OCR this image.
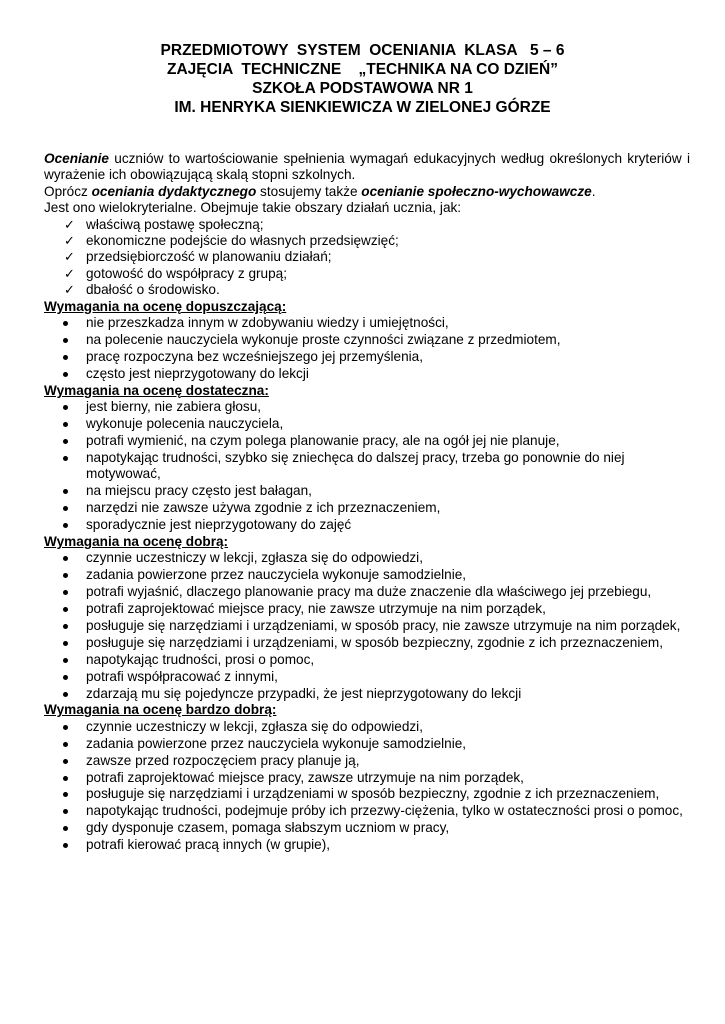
PRZEDMIOTOWY  SYSTEM  OCENIANIA  KLASA   5 – 6
ZAJĘCIA  TECHNICZNE    „TECHNIKA NA CO DZIEŃ”
SZKOŁA PODSTAWOWA NR 1
IM. HENRYKA SIENKIEWICZA W ZIELONEJ GÓRZE

Ocenianie uczniów to wartościowanie spełnienia wymagań edukacyjnych według określonych kryteriów i wyrażenie ich obowiązującą skalą stopni szkolnych.

Oprócz oceniania dydaktycznego stosujemy także ocenianie społeczno-wychowawcze.

Jest ono wielokryterialne. Obejmuje takie obszary działań ucznia, jak:

✓ właściwą postawę społeczną;
✓ ekonomiczne podejście do własnych przedsięwzięć;
✓ przedsiębiorczość w planowaniu działań;
✓ gotowość do współpracy z grupą;
✓ dbałość o środowisko.

Wymagania na ocenę dopuszczającą:

nie przeszkadza innym w zdobywaniu wiedzy i umiejętności,
na polecenie nauczyciela wykonuje proste czynności związane z przedmiotem,
pracę rozpoczyna bez wcześniejszego jej przemyślenia,
często jest nieprzygotowany do lekcji

Wymagania na ocenę dostateczna:

jest bierny, nie zabiera głosu,
wykonuje polecenia nauczyciela,
potrafi wymienić, na czym polega planowanie pracy, ale na ogół jej nie planuje,
napotykając trudności, szybko się zniechęca do dalszej pracy, trzeba go ponownie do niej motywować,
na miejscu pracy często jest bałagan,
narzędzi nie zawsze używa zgodnie z ich przeznaczeniem,
sporadycznie jest nieprzygotowany do zajęć

Wymagania na ocenę dobrą:

czynnie uczestniczy w lekcji, zgłasza się do odpowiedzi,
zadania powierzone przez nauczyciela wykonuje samodzielnie,
potrafi wyjaśnić, dlaczego planowanie pracy ma duże znaczenie dla właściwego jej przebiegu,
potrafi zaprojektować miejsce pracy, nie zawsze utrzymuje na nim porządek,
posługuje się narzędziami i urządzeniami, w sposób pracy, nie zawsze utrzymuje na nim porządek,
posługuje się narzędziami i urządzeniami, w sposób bezpieczny, zgodnie z ich przeznaczeniem,
napotykając trudności, prosi o pomoc,
potrafi współpracować z innymi,
zdarzają mu się pojedyncze przypadki, że jest nieprzygotowany do lekcji

Wymagania na ocenę bardzo dobrą:

czynnie uczestniczy w lekcji, zgłasza się do odpowiedzi,
zadania powierzone przez nauczyciela wykonuje samodzielnie,
zawsze przed rozpoczęciem pracy planuje ją,
potrafi zaprojektować miejsce pracy, zawsze utrzymuje na nim porządek,
posługuje się narzędziami i urządzeniami w sposób bezpieczny, zgodnie z ich przeznaczeniem,
napotykając trudności, podejmuje próby ich przezwy-ciężenia, tylko w ostateczności prosi o pomoc,
gdy dysponuje czasem, pomaga słabszym uczniom w pracy,
potrafi kierować pracą innych (w grupie),
